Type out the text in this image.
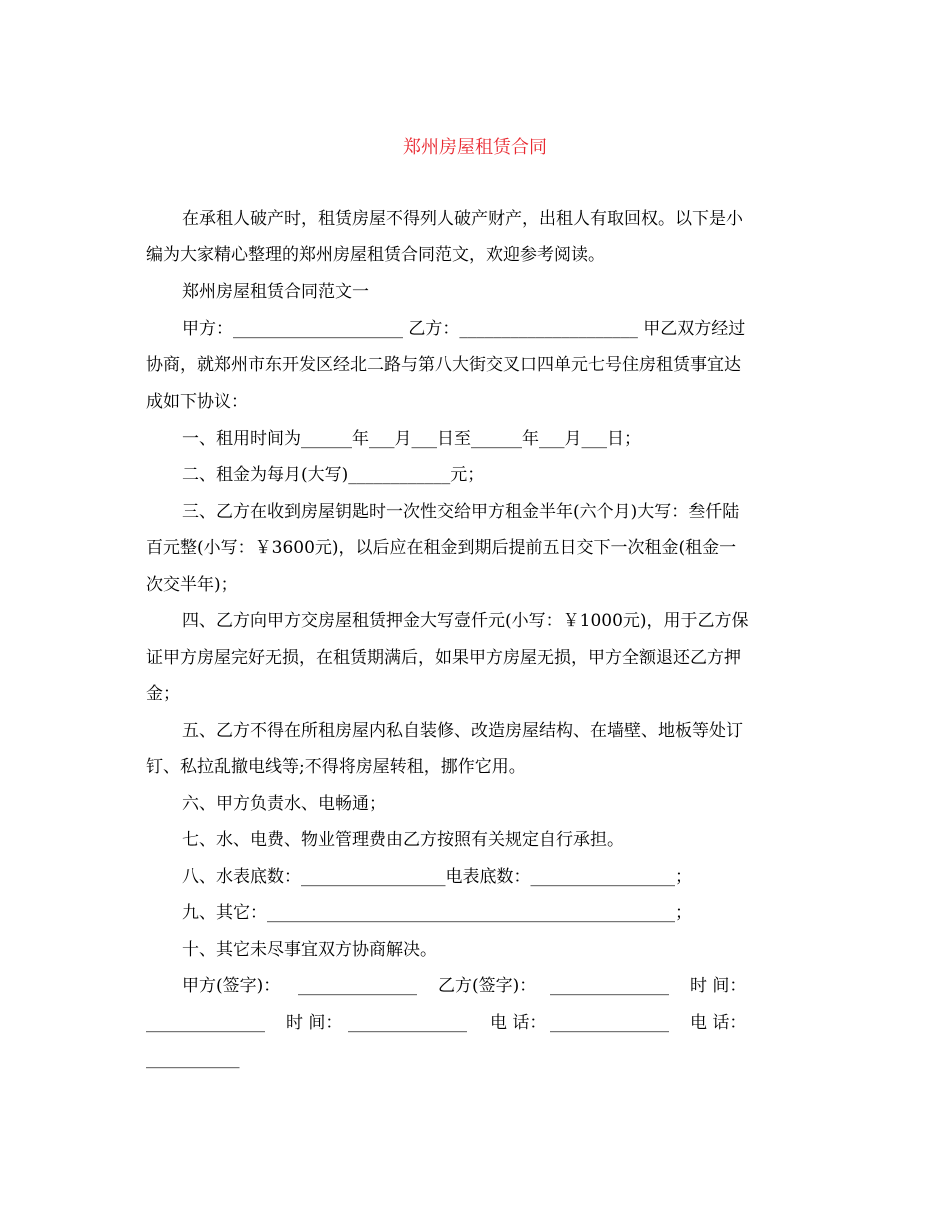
郑州房屋租赁合同
在承租人破产时，租赁房屋不得列人破产财产，出租人有取回权。以下是小
编为大家精心整理的郑州房屋租赁合同范文，欢迎参考阅读。
郑州房屋租赁合同范文一
甲方：____________________ 乙方：_____________________ 甲乙双方经过
协商，就郑州市东开发区经北二路与第八大街交叉口四单元七号住房租赁事宜达
成如下协议：
一、租用时间为______年___月___日至______年___月___日；
二、租金为每月(大写)____________元；
三、乙方在收到房屋钥匙时一次性交给甲方租金半年(六个月)大写：叁仟陆
百元整(小写：￥3600元)，以后应在租金到期后提前五日交下一次租金(租金一
次交半年)；
四、乙方向甲方交房屋租赁押金大写壹仟元(小写：￥1000元)，用于乙方保
证甲方房屋完好无损，在租赁期满后，如果甲方房屋无损，甲方全额退还乙方押
金；
五、乙方不得在所租房屋内私自装修、改造房屋结构、在墙壁、地板等处订
钉、私拉乱撤电线等;不得将房屋转租，挪作它用。
六、甲方负责水、电畅通；
七、水、电费、物业管理费由乙方按照有关规定自行承担。
八、水表底数：_________________电表底数：_________________；
九、其它：________________________________________________；
十、其它未尽事宜双方协商解决。
甲方(签字)： ______________ 乙方(签字)： ______________ 时 间：
______________ 时 间： ______________ 电 话： ______________ 电 话：
___________
